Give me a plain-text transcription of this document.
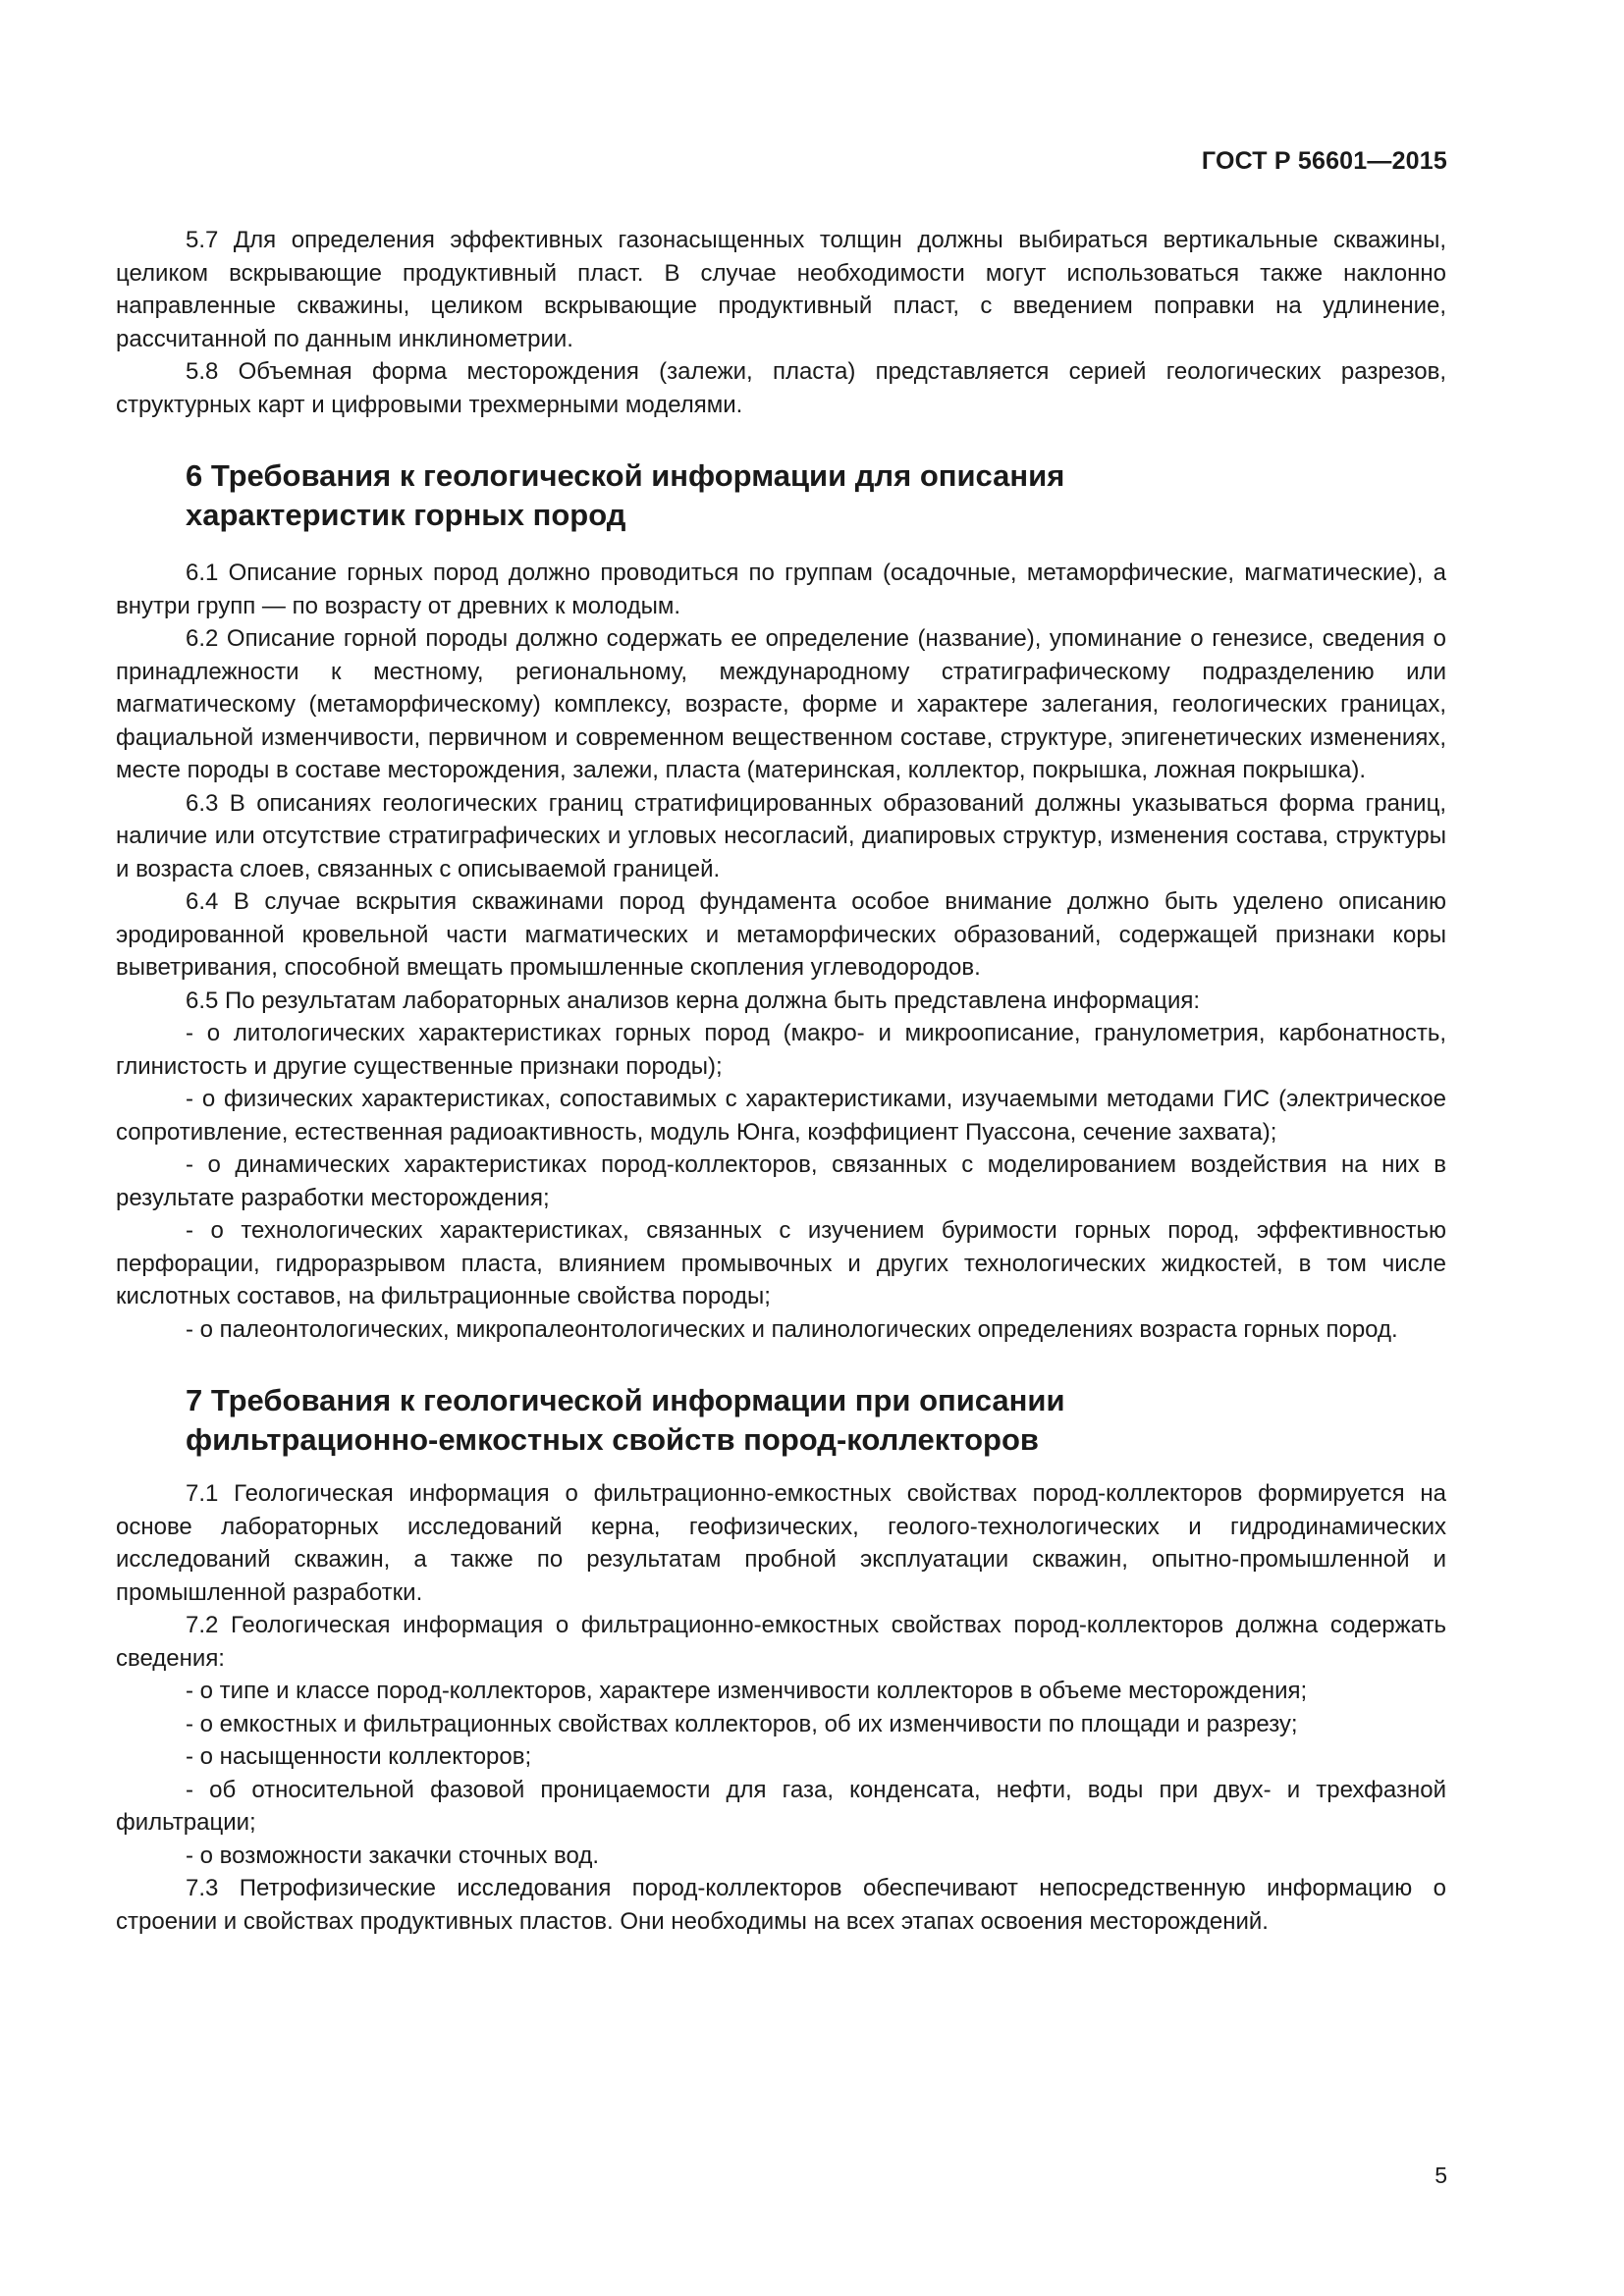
ГОСТ Р 56601—2015

5.7 Для определения эффективных газонасыщенных толщин должны выбираться вертикальные скважины, целиком вскрывающие продуктивный пласт. В случае необходимости могут использоваться также наклонно направленные скважины, целиком вскрывающие продуктивный пласт, с введением поправки на удлинение, рассчитанной по данным инклинометрии.

5.8 Объемная форма месторождения (залежи, пласта) представляется серией геологических разрезов, структурных карт и цифровыми трехмерными моделями.

6 Требования к геологической информации для описания
характеристик горных пород

6.1 Описание горных пород должно проводиться по группам (осадочные, метаморфические, магматические), а внутри групп — по возрасту от древних к молодым.

6.2 Описание горной породы должно содержать ее определение (название), упоминание о генезисе, сведения о принадлежности к местному, региональному, международному стратиграфическому подразделению или магматическому (метаморфическому) комплексу, возрасте, форме и характере залегания, геологических границах, фациальной изменчивости, первичном и современном вещественном составе, структуре, эпигенетических изменениях, месте породы в составе месторождения, залежи, пласта (материнская, коллектор, покрышка, ложная покрышка).

6.3 В описаниях геологических границ стратифицированных образований должны указываться форма границ, наличие или отсутствие стратиграфических и угловых несогласий, диапировых структур, изменения состава, структуры и возраста слоев, связанных с описываемой границей.

6.4 В случае вскрытия скважинами пород фундамента особое внимание должно быть уделено описанию эродированной кровельной части магматических и метаморфических образований, содержащей признаки коры выветривания, способной вмещать промышленные скопления углеводородов.

6.5 По результатам лабораторных анализов керна должна быть представлена информация:

- о литологических характеристиках горных пород (макро- и микроописание, гранулометрия, карбонатность, глинистость и другие существенные признаки породы);

- о физических характеристиках, сопоставимых с характеристиками, изучаемыми методами ГИС (электрическое сопротивление, естественная радиоактивность, модуль Юнга, коэффициент Пуассона, сечение захвата);

- о динамических характеристиках пород-коллекторов, связанных с моделированием воздействия на них в результате разработки месторождения;

- о технологических характеристиках, связанных с изучением буримости горных пород, эффективностью перфорации, гидроразрывом пласта, влиянием промывочных и других технологических жидкостей, в том числе кислотных составов, на фильтрационные свойства породы;

- о палеонтологических, микропалеонтологических и палинологических определениях возраста горных пород.

7 Требования к геологической информации при описании
фильтрационно-емкостных свойств пород-коллекторов

7.1 Геологическая информация о фильтрационно-емкостных свойствах пород-коллекторов формируется на основе лабораторных исследований керна, геофизических, геолого-технологических и гидродинамических исследований скважин, а также по результатам пробной эксплуатации скважин, опытно-промышленной и промышленной разработки.

7.2 Геологическая информация о фильтрационно-емкостных свойствах пород-коллекторов должна содержать сведения:

- о типе и классе пород-коллекторов, характере изменчивости коллекторов в объеме месторождения;

- о емкостных и фильтрационных свойствах коллекторов, об их изменчивости по площади и разрезу;

- о насыщенности коллекторов;

- об относительной фазовой проницаемости для газа, конденсата, нефти, воды при двух- и трехфазной фильтрации;

- о возможности закачки сточных вод.

7.3 Петрофизические исследования пород-коллекторов обеспечивают непосредственную информацию о строении и свойствах продуктивных пластов. Они необходимы на всех этапах освоения месторождений.

5
